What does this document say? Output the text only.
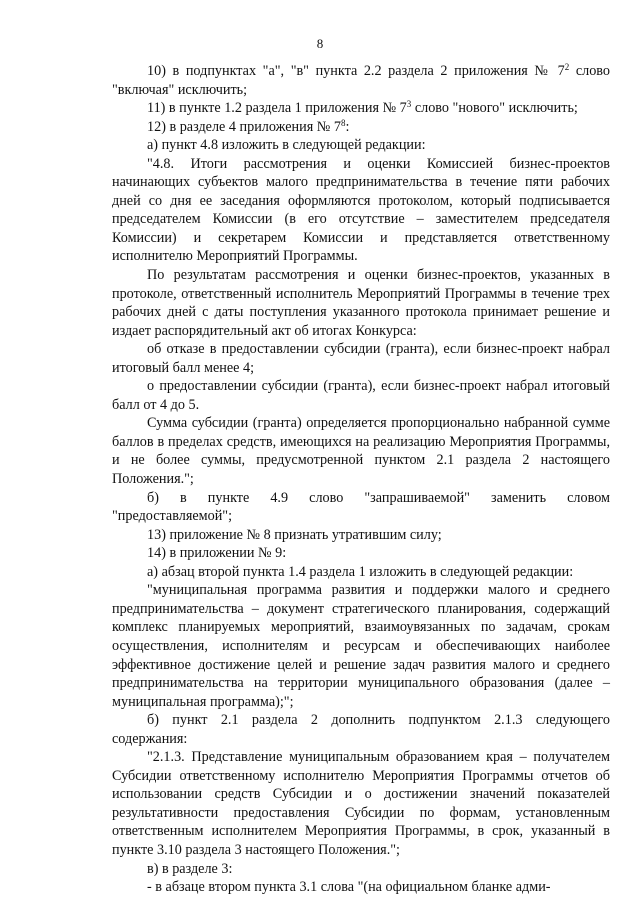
8

10) в подпунктах "а", "в" пункта 2.2 раздела 2 приложения № $7^2$ слово "включая" исключить;

11) в пункте 1.2 раздела 1 приложения № $7^3$ слово "нового" исключить;

12) в разделе 4 приложения № $7^8$:

а) пункт 4.8 изложить в следующей редакции:

"4.8. Итоги рассмотрения и оценки Комиссией бизнес-проектов начинающих субъектов малого предпринимательства в течение пяти рабочих дней со дня ее заседания оформляются протоколом, который подписывается председателем Комиссии (в его отсутствие – заместителем председателя Комиссии) и секретарем Комиссии и представляется ответственному исполнителю Мероприятий Программы.

По результатам рассмотрения и оценки бизнес-проектов, указанных в протоколе, ответственный исполнитель Мероприятий Программы в течение трех рабочих дней с даты поступления указанного протокола принимает решение и издает распорядительный акт об итогах Конкурса:

об отказе в предоставлении субсидии (гранта), если бизнес-проект набрал итоговый балл менее 4;

о предоставлении субсидии (гранта), если бизнес-проект набрал итоговый балл от 4 до 5.

Сумма субсидии (гранта) определяется пропорционально набранной сумме баллов в пределах средств, имеющихся на реализацию Мероприятия Программы, и не более суммы, предусмотренной пунктом 2.1 раздела 2 настоящего Положения.";

б) в пункте 4.9 слово "запрашиваемой" заменить словом "предоставляемой";

13) приложение № 8 признать утратившим силу;

14) в приложении № 9:

а) абзац второй пункта 1.4 раздела 1 изложить в следующей редакции:

"муниципальная программа развития и поддержки малого и среднего предпринимательства – документ стратегического планирования, содержащий комплекс планируемых мероприятий, взаимоувязанных по задачам, срокам осуществления, исполнителям и ресурсам и обеспечивающих наиболее эффективное достижение целей и решение задач развития малого и среднего предпринимательства на территории муниципального образования (далее – муниципальная программа);";

б) пункт 2.1 раздела 2 дополнить подпунктом 2.1.3 следующего содержания:

"2.1.3. Представление муниципальным образованием края – получателем Субсидии ответственному исполнителю Мероприятия Программы отчетов об использовании средств Субсидии и о достижении значений показателей результативности предоставления Субсидии по формам, установленным ответственным исполнителем Мероприятия Программы, в срок, указанный в пункте 3.10 раздела 3 настоящего Положения.";

в) в разделе 3:

- в абзаце втором пункта 3.1 слова "(на официальном бланке адми-
